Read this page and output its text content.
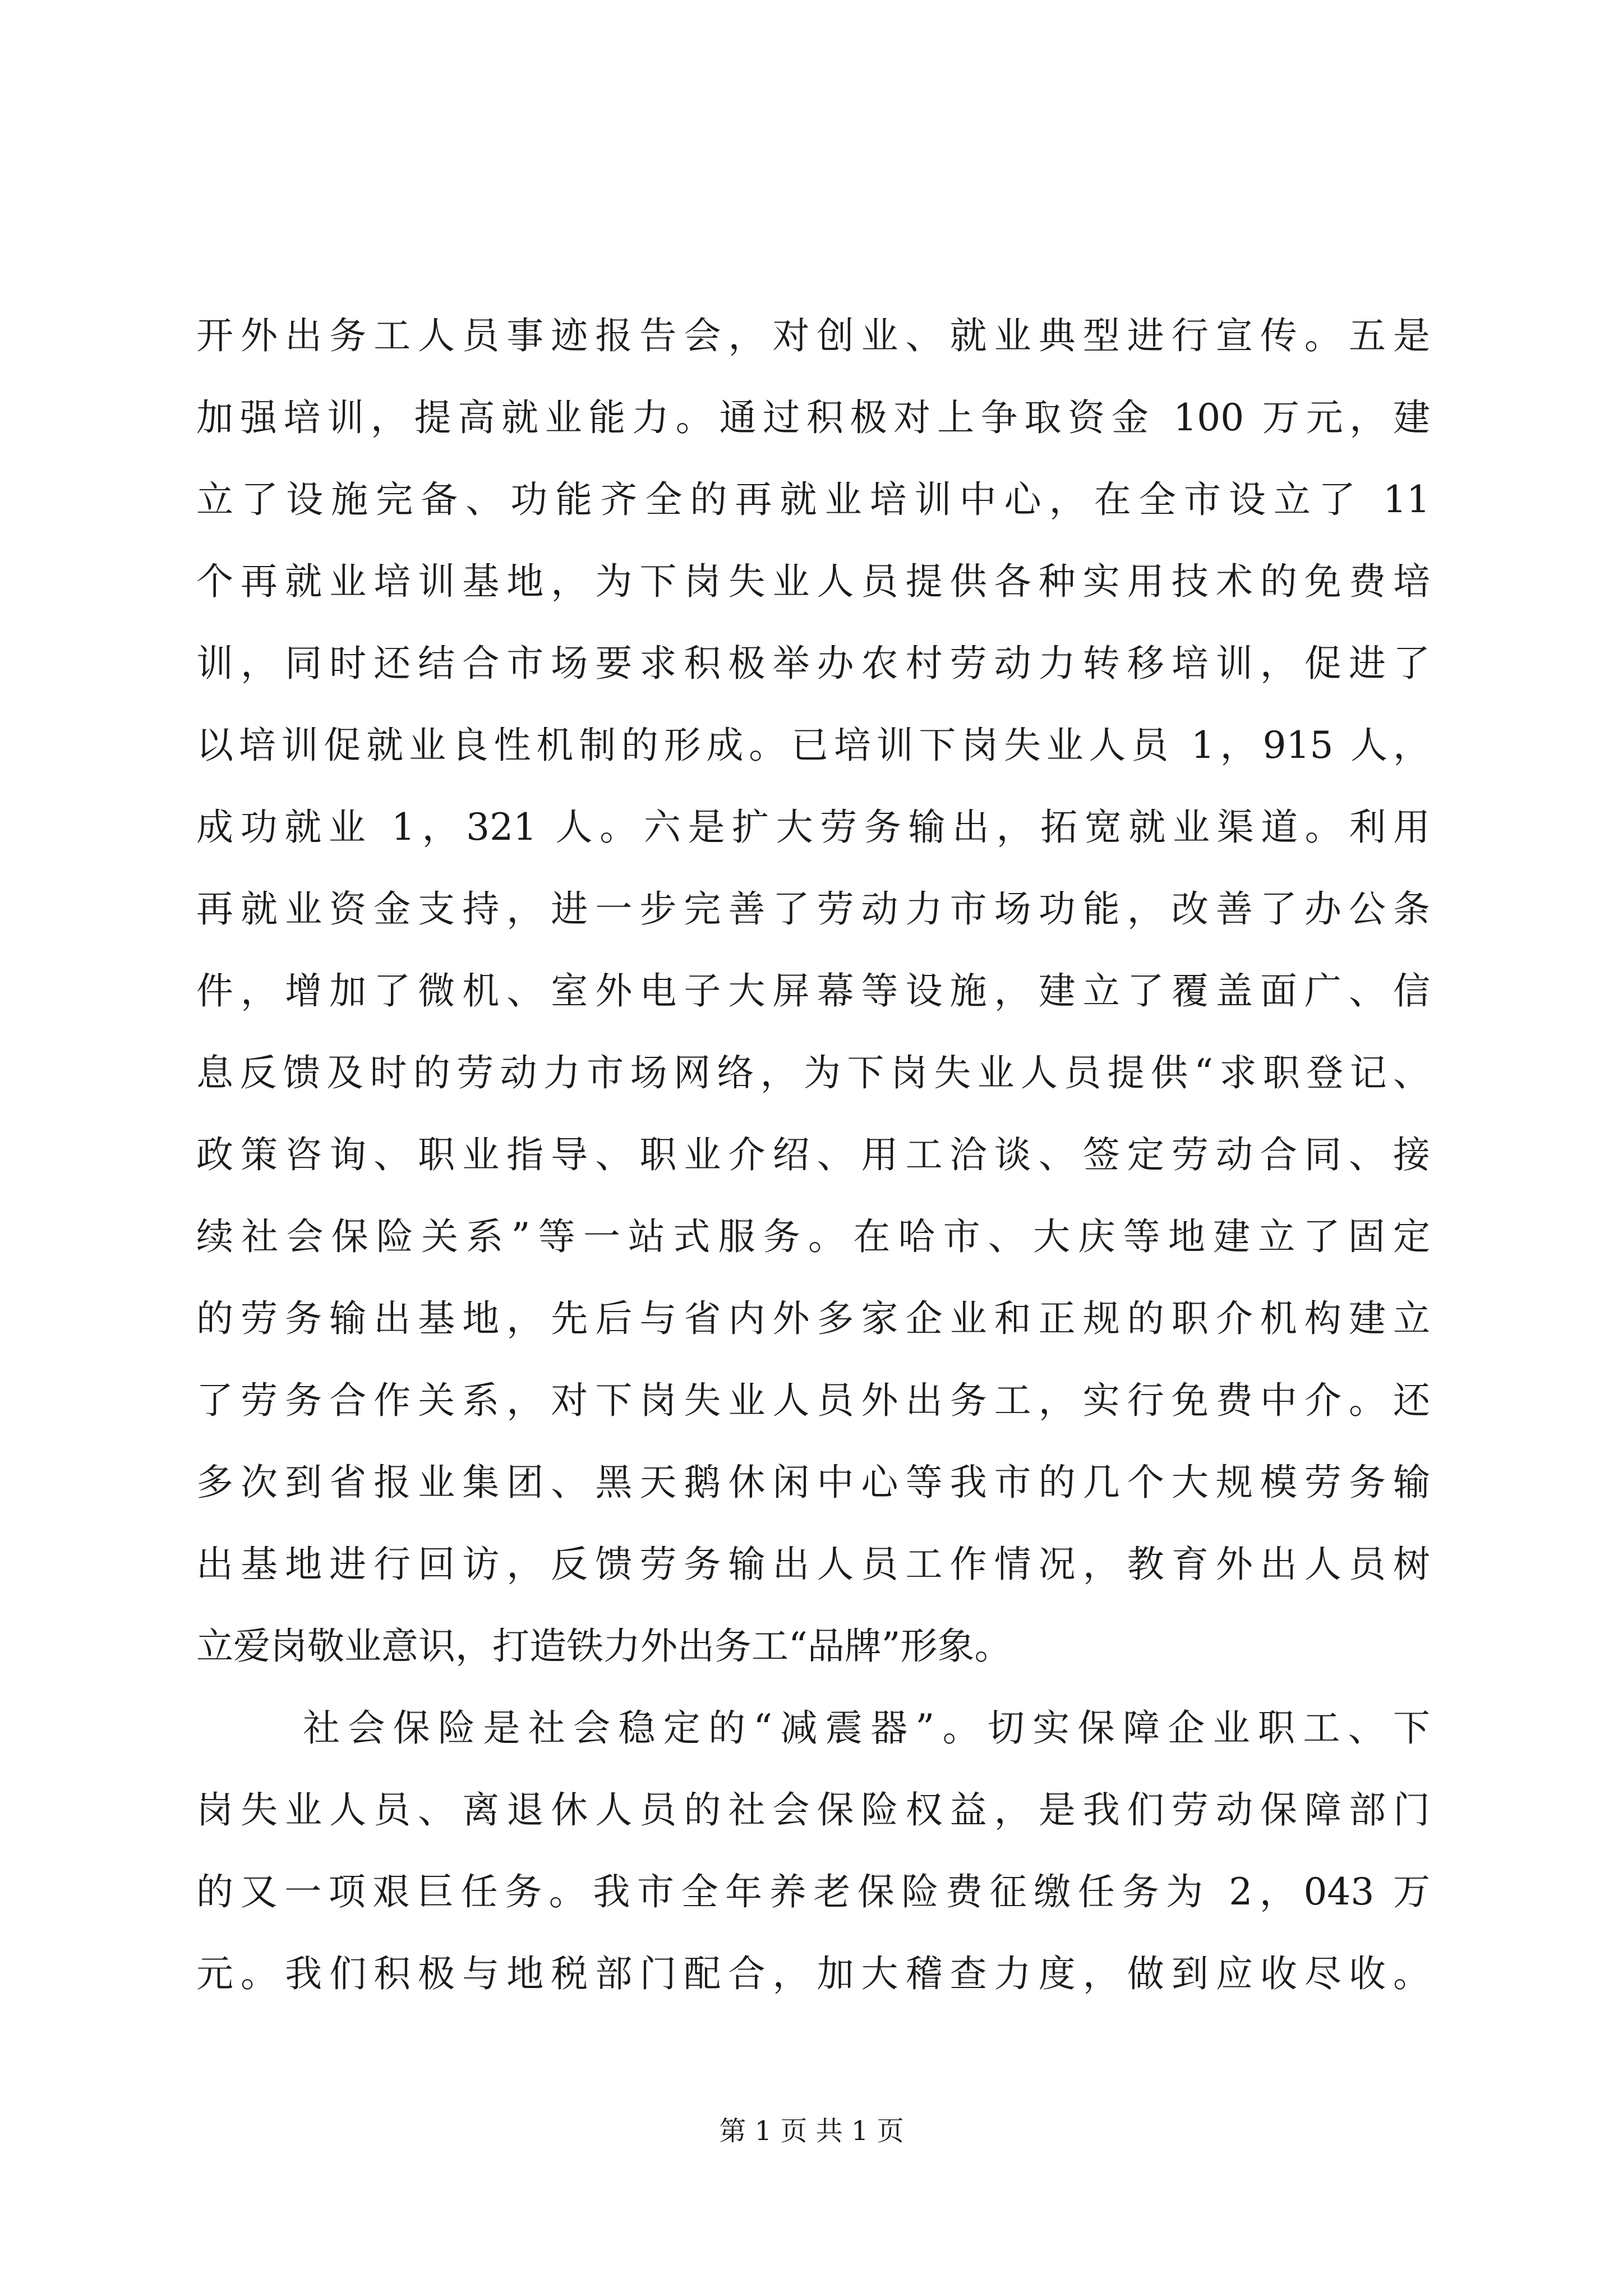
开外出务工人员事迹报告会，对创业、就业典型进行宣传。五是
加强培训，提高就业能力。通过积极对上争取资金 100 万元，建
立了设施完备、功能齐全的再就业培训中心，在全市设立了 11
个再就业培训基地，为下岗失业人员提供各种实用技术的免费培
训，同时还结合市场要求积极举办农村劳动力转移培训，促进了
以培训促就业良性机制的形成。已培训下岗失业人员 1，915 人，
成功就业 1，321 人。六是扩大劳务输出，拓宽就业渠道。利用
再就业资金支持，进一步完善了劳动力市场功能，改善了办公条
件，增加了微机、室外电子大屏幕等设施，建立了覆盖面广、信
息反馈及时的劳动力市场网络，为下岗失业人员提供“求职登记、
政策咨询、职业指导、职业介绍、用工洽谈、签定劳动合同、接
续社会保险关系”等一站式服务。在哈市、大庆等地建立了固定
的劳务输出基地，先后与省内外多家企业和正规的职介机构建立
了劳务合作关系，对下岗失业人员外出务工，实行免费中介。还
多次到省报业集团、黑天鹅休闲中心等我市的几个大规模劳务输
出基地进行回访，反馈劳务输出人员工作情况，教育外出人员树
立爱岗敬业意识，打造铁力外出务工“品牌”形象。
社会保险是社会稳定的“减震器”。切实保障企业职工、下
岗失业人员、离退休人员的社会保险权益，是我们劳动保障部门
的又一项艰巨任务。我市全年养老保险费征缴任务为 2，043 万
元。我们积极与地税部门配合，加大稽查力度，做到应收尽收。
第 1 页 共 1 页
